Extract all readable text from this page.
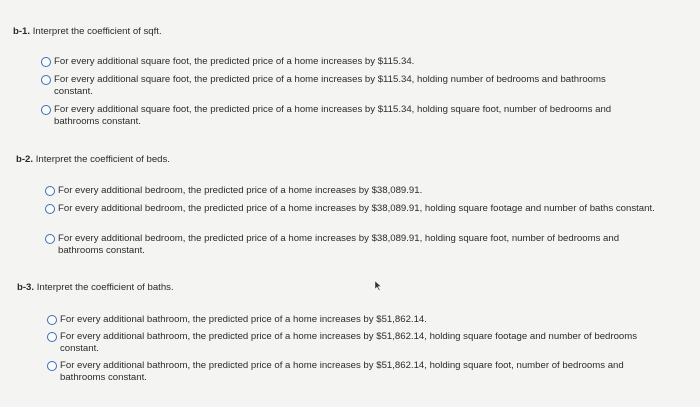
b-1. Interpret the coefficient of sqft.
For every additional square foot, the predicted price of a home increases by $115.34.
For every additional square foot, the predicted price of a home increases by $115.34, holding number of bedrooms and bathrooms constant.
For every additional square foot, the predicted price of a home increases by $115.34, holding square foot, number of bedrooms and bathrooms constant.
b-2. Interpret the coefficient of beds.
For every additional bedroom, the predicted price of a home increases by $38,089.91.
For every additional bedroom, the predicted price of a home increases by $38,089.91, holding square footage and number of baths constant.
For every additional bedroom, the predicted price of a home increases by $38,089.91, holding square foot, number of bedrooms and bathrooms constant.
b-3. Interpret the coefficient of baths.
For every additional bathroom, the predicted price of a home increases by $51,862.14.
For every additional bathroom, the predicted price of a home increases by $51,862.14, holding square footage and number of bedrooms constant.
For every additional bathroom, the predicted price of a home increases by $51,862.14, holding square foot, number of bedrooms and bathrooms constant.
